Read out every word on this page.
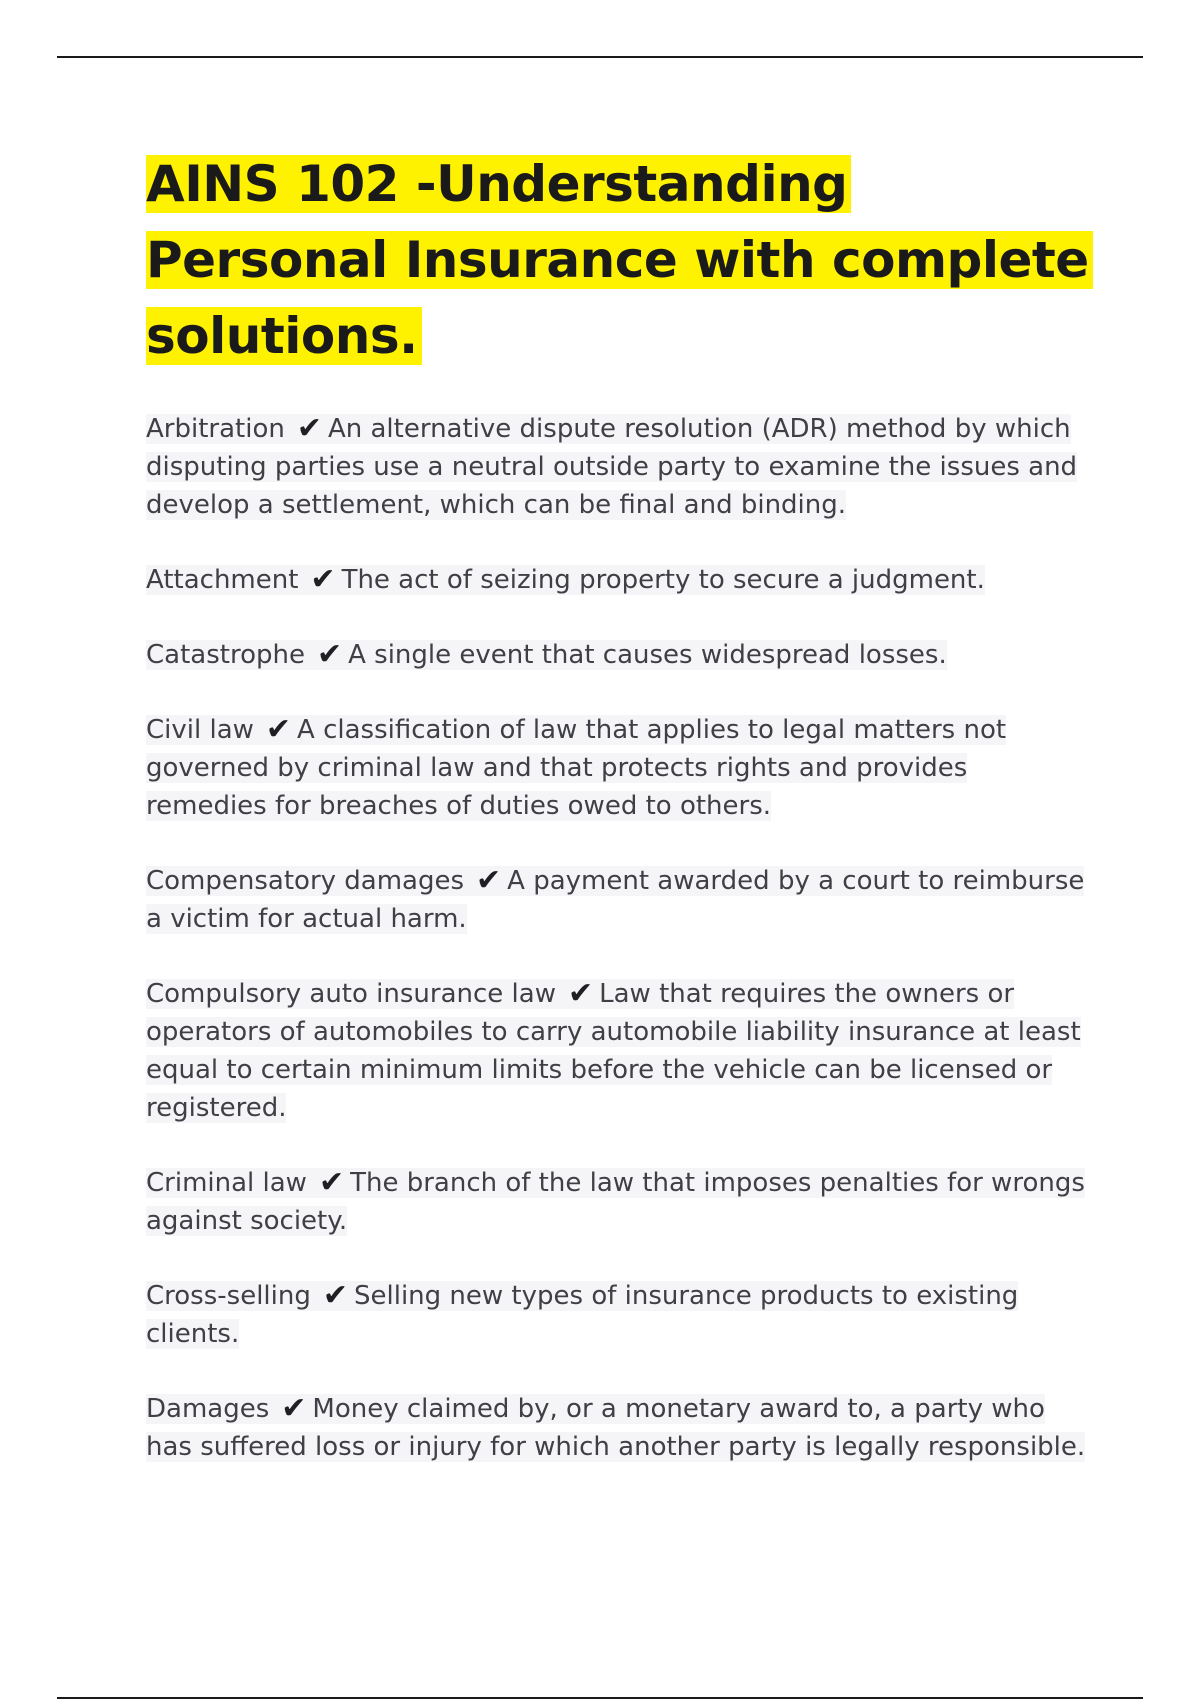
AINS 102 -Understanding Personal Insurance with complete solutions.

Arbitration ✔ An alternative dispute resolution (ADR) method by which disputing parties use a neutral outside party to examine the issues and develop a settlement, which can be final and binding.

Attachment ✔ The act of seizing property to secure a judgment.

Catastrophe ✔ A single event that causes widespread losses.

Civil law ✔ A classification of law that applies to legal matters not governed by criminal law and that protects rights and provides remedies for breaches of duties owed to others.

Compensatory damages ✔ A payment awarded by a court to reimburse a victim for actual harm.

Compulsory auto insurance law ✔ Law that requires the owners or operators of automobiles to carry automobile liability insurance at least equal to certain minimum limits before the vehicle can be licensed or registered.

Criminal law ✔ The branch of the law that imposes penalties for wrongs against society.

Cross-selling ✔ Selling new types of insurance products to existing clients.

Damages ✔ Money claimed by, or a monetary award to, a party who has suffered loss or injury for which another party is legally responsible.
